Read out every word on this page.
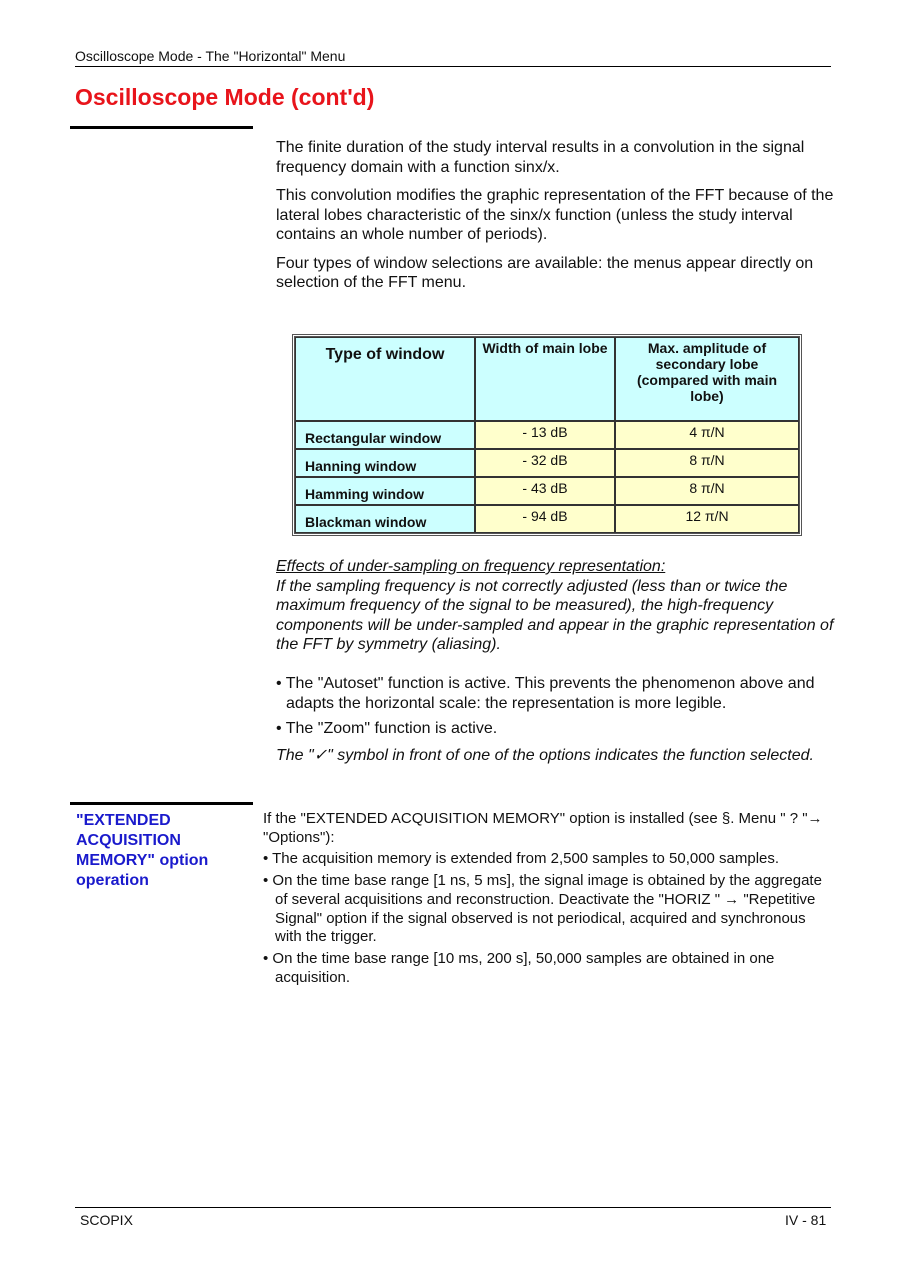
Oscilloscope Mode - The "Horizontal" Menu
Oscilloscope Mode (cont'd)

The finite duration of the study interval results in a convolution in the signal frequency domain with a function sinx/x.

This convolution modifies the graphic representation of the FFT because of the lateral lobes characteristic of the sinx/x function (unless the study interval contains an whole number of periods).

Four types of window selections are available: the menus appear directly on selection of the FFT menu.

Type of window	Width of main lobe	Max. amplitude of secondary lobe (compared with main lobe)
Rectangular window	- 13 dB	4 π/N
Hanning window	- 32 dB	8 π/N
Hamming window	- 43 dB	8 π/N
Blackman window	- 94 dB	12 π/N
Effects of under-sampling on frequency representation:
If the sampling frequency is not correctly adjusted (less than or twice the maximum frequency of the signal to be measured), the high-frequency components will be under-sampled and appear in the graphic representation of the FFT by symmetry (aliasing).
• The "Autoset" function is active. This prevents the phenomenon above and adapts the horizontal scale: the representation is more legible.
• The "Zoom" function is active.
The "✓" symbol in front of one of the options indicates the function selected.
"EXTENDED ACQUISITION MEMORY" option operation
If the "EXTENDED ACQUISITION MEMORY" option is installed (see §. Menu " ? "→ "Options"):
• The acquisition memory is extended from 2,500 samples to 50,000 samples.
• On the time base range [1 ns, 5 ms], the signal image is obtained by the aggregate of several acquisitions and reconstruction. Deactivate the "HORIZ " → "Repetitive Signal" option if the signal observed is not periodical, acquired and synchronous with the trigger.
• On the time base range [10 ms, 200 s], 50,000 samples are obtained in one acquisition.
SCOPIX	IV - 81
